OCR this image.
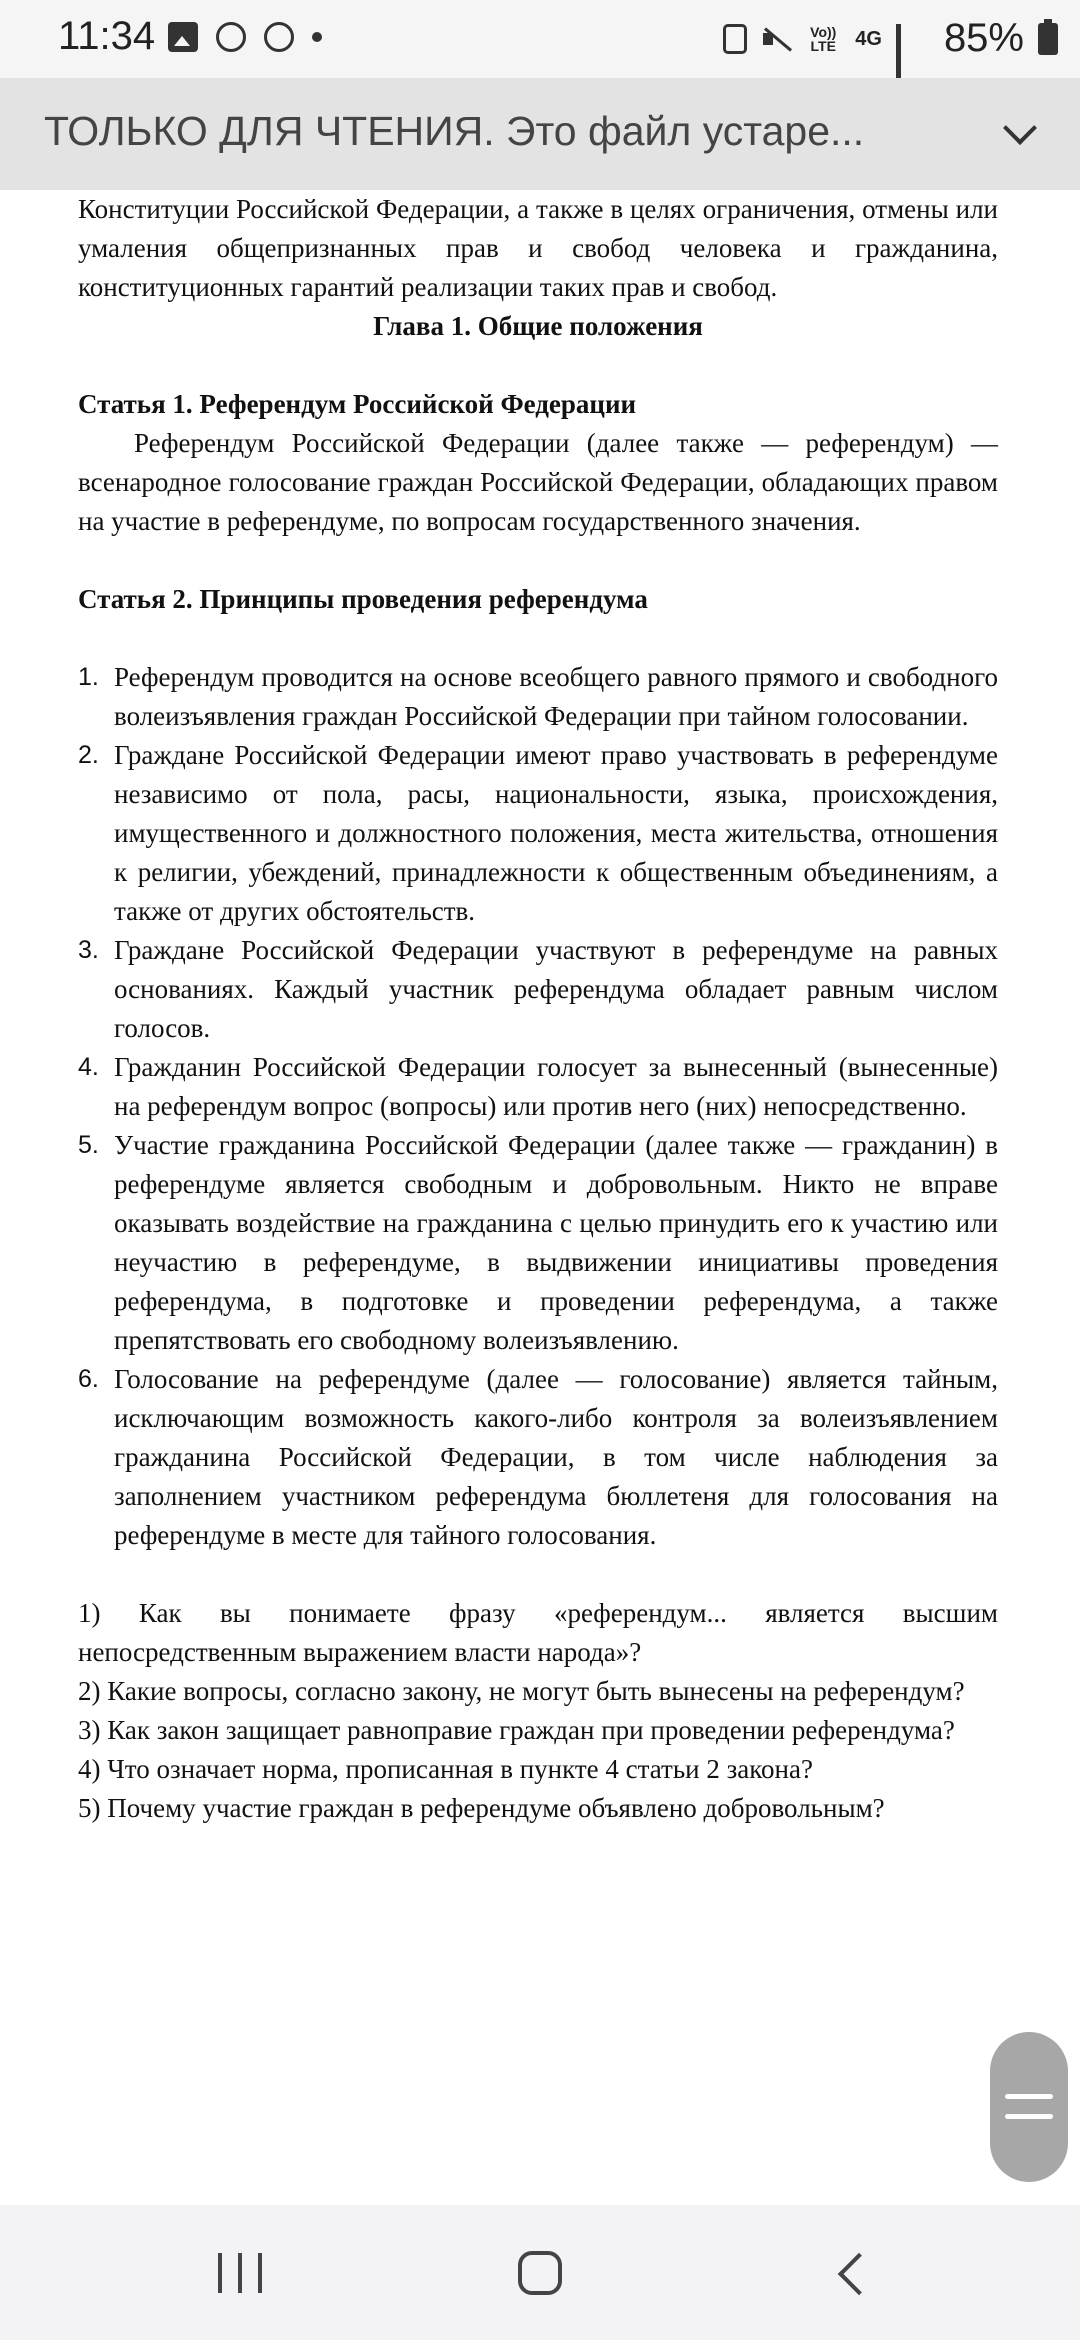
11:34	Vo)) LTE 4G 85%
ТОЛЬКО ДЛЯ ЧТЕНИЯ. Это файл устаре...

Конституции Российской Федерации, а также в целях ограничения, отмены или умаления общепризнанных прав и свобод человека и гражданина, конституционных гарантий реализации таких прав и свобод.

Глава 1. Общие положения

Статья 1. Референдум Российской Федерации

Референдум Российской Федерации (далее также — референдум) — всенародное голосование граждан Российской Федерации, обладающих правом на участие в референдуме, по вопросам государственного значения.

Статья 2. Принципы проведения референдума

1. Референдум проводится на основе всеобщего равного прямого и свободного волеизъявления граждан Российской Федерации при тайном голосовании.
2. Граждане Российской Федерации имеют право участвовать в референдуме независимо от пола, расы, национальности, языка, происхождения, имущественного и должностного положения, места жительства, отношения к религии, убеждений, принадлежности к общественным объединениям, а также от других обстоятельств.
3. Граждане Российской Федерации участвуют в референдуме на равных основаниях. Каждый участник референдума обладает равным числом голосов.
4. Гражданин Российской Федерации голосует за вынесенный (вынесенные) на референдум вопрос (вопросы) или против него (них) непосредственно.
5. Участие гражданина Российской Федерации (далее также — гражданин) в референдуме является свободным и добровольным. Никто не вправе оказывать воздействие на гражданина с целью принудить его к участию или неучастию в референдуме, в выдвижении инициативы проведения референдума, в подготовке и проведении референдума, а также препятствовать его свободному волеизъявлению.
6. Голосование на референдуме (далее — голосование) является тайным, исключающим возможность какого-либо контроля за волеизъявлением гражданина Российской Федерации, в том числе наблюдения за заполнением участником референдума бюллетеня для голосования на референдуме в месте для тайного голосования.

1) Как вы понимаете фразу «референдум... является высшим непосредственным выражением власти народа»?

2) Какие вопросы, согласно закону, не могут быть вынесены на референдум?

3) Как закон защищает равноправие граждан при проведении референдума?

4) Что означает норма, прописанная в пункте 4 статьи 2 закона?

5) Почему участие граждан в референдуме объявлено добровольным?
